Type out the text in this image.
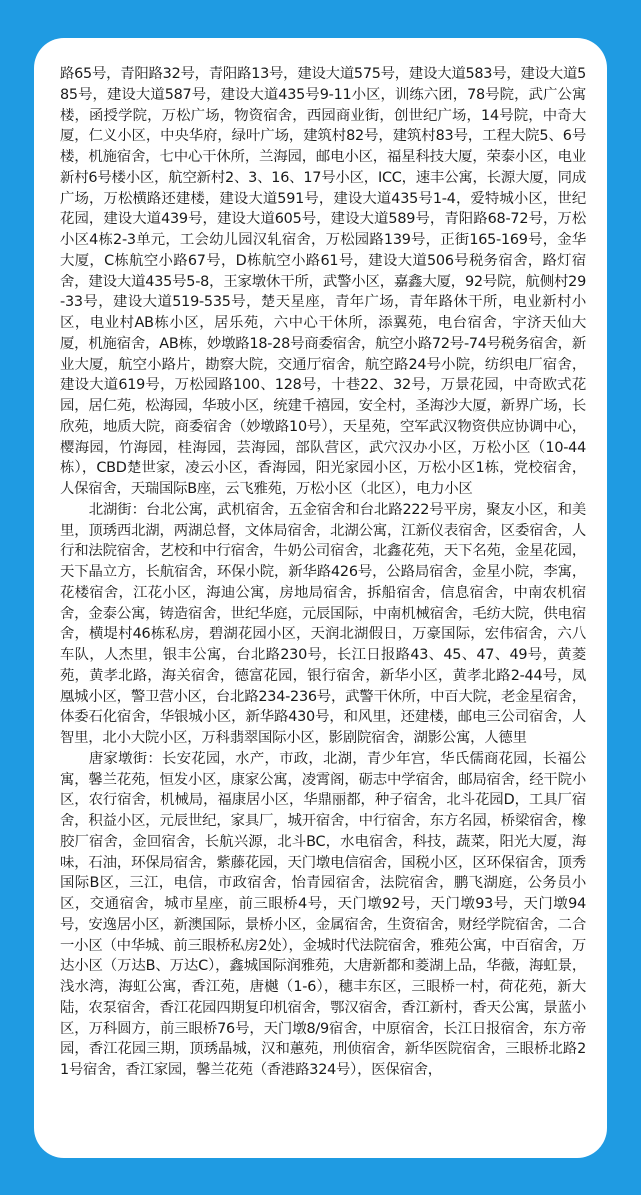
路65号，青阳路32号，青阳路13号，建设大道575号，建设大道583号，建设大道585号，建设大道587号，建设大道435号9-11小区，训练六团，78号院，武广公寓楼，函授学院，万松广场，物资宿舍，西园商业街，创世纪广场，14号院，中奇大厦，仁义小区，中央华府，绿叶广场，建筑村82号，建筑村83号，工程大院5、6号楼，机施宿舍，七中心干休所，兰海园，邮电小区，福星科技大厦，荣泰小区，电业新村6号楼小区，航空新村2、3、16、17号小区，ICC，速丰公寓，长源大厦，同成广场，万松横路还建楼，建设大道591号，建设大道435号1-4，爱特城小区，世纪花园，建设大道439号，建设大道605号，建设大道589号，青阳路68-72号，万松小区4栋2-3单元，工会幼儿园汉轧宿舍，万松园路139号，正街165-169号，金华大厦，C栋航空小路67号，D栋航空小路61号，建设大道506号税务宿舍，路灯宿舍，建设大道435号5-8，王家墩休干所，武警小区，嘉鑫大厦，92号院，航侧村29-33号，建设大道519-535号，楚天星座，青年广场，青年路休干所，电业新村小区，电业村AB栋小区，居乐苑，六中心干休所，添翼苑，电台宿舍，宇济天仙大厦，机施宿舍，AB栋，妙墩路18-28号商委宿舍，航空小路72号-74号税务宿舍，新业大厦，航空小路片，勘察大院，交通厅宿舍，航空路24号小院，纺织电厂宿舍，建设大道619号，万松园路100、128号，十巷22、32号，万景花园，中奇欧式花园，居仁苑，松海园，华玻小区，统建千禧园，安全村，圣海沙大厦，新界广场，长欣苑，地质大院，商委宿舍（妙墩路10号），天星苑，空军武汉物资供应协调中心，樱海园，竹海园，桂海园，芸海园，部队营区，武穴汉办小区，万松小区（10-44栋），CBD楚世家，凌云小区，香海园，阳光家园小区，万松小区1栋，党校宿舍，人保宿舍，天瑞国际B座，云飞雅苑，万松小区（北区），电力小区

北湖街：台北公寓，武机宿舍，五金宿舍和台北路222号平房，聚友小区，和美里，顶琇西北湖，两湖总督，文体局宿舍，北湖公寓，江新仪表宿舍，区委宿舍，人行和法院宿舍，艺校和中行宿舍，牛奶公司宿舍，北鑫花苑，天下名苑，金星花园，天下晶立方，长航宿舍，环保小院，新华路426号，公路局宿舍，金星小院，李寓，花楼宿舍，江花小区，海迪公寓，房地局宿舍，拆船宿舍，信息宿舍，中南农机宿舍，金泰公寓，铸造宿舍，世纪华庭，元辰国际，中南机械宿舍，毛纺大院，供电宿舍，横堤村46栋私房，碧湖花园小区，天润北湖假日，万豪国际，宏伟宿舍，六八车队，人杰里，银丰公寓，台北路230号，长江日报路43、45、47、49号，黄菱苑，黄孝北路，海关宿舍，德富花园，银行宿舍，新华小区，黄孝北路2-44号，凤凰城小区，警卫营小区，台北路234-236号，武警干休所，中百大院，老金星宿舍，体委石化宿舍，华银城小区，新华路430号，和风里，还建楼，邮电三公司宿舍，人智里，北小大院小区，万科翡翠国际小区，影剧院宿舍，湖影公寓，人德里

唐家墩街：长安花园，水产，市政，北湖，青少年宫，华氏儒商花园，长福公寓，馨兰花苑，恒发小区，康家公寓，凌霄阁，砺志中学宿舍，邮局宿舍，经干院小区，农行宿舍，机械局，福康居小区，华鼎丽都，种子宿舍，北斗花园D，工具厂宿舍，积益小区，元辰世纪，家具厂，城开宿舍，中行宿舍，东方名园，桥梁宿舍，橡胶厂宿舍，金回宿舍，长航兴源，北斗BC，水电宿舍，科技，蔬菜，阳光大厦，海味，石油，环保局宿舍，紫藤花园，天门墩电信宿舍，国税小区，区环保宿舍，顶秀国际B区，三江，电信，市政宿舍，怡青园宿舍，法院宿舍，鹏飞湖庭，公务员小区，交通宿舍，城市星座，前三眼桥4号，天门墩92号，天门墩93号，天门墩94号，安逸居小区，新澳国际，景桥小区，金属宿舍，生资宿舍，财经学院宿舍，二合一小区（中华城、前三眼桥私房2处），金城时代法院宿舍，雅苑公寓，中百宿舍，万达小区（万达B、万达C），鑫城国际润雅苑，大唐新都和菱湖上品，华薇，海虹景，浅水湾，海虹公寓，香江苑，唐樾（1-6），穗丰东区，三眼桥一村，荷花苑，新大陆，农泵宿舍，香江花园四期复印机宿舍，鄂汉宿舍，香江新村，香天公寓，景蓝小区，万科圆方，前三眼桥76号，天门墩8/9宿舍，中原宿舍，长江日报宿舍，东方帝园，香江花园三期，顶琇晶城，汉和蕙苑，刑侦宿舍，新华医院宿舍，三眼桥北路21号宿舍，香江家园，馨兰花苑（香港路324号），医保宿舍，
